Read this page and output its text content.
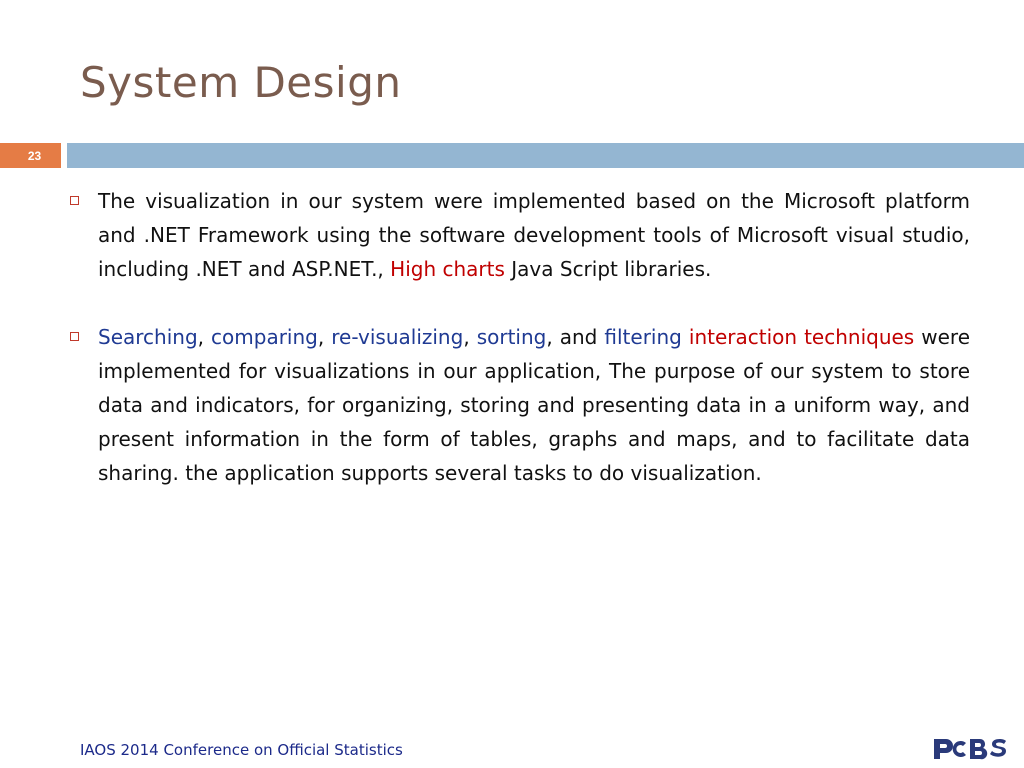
System Design
23

The visualization in our system were implemented based on the Microsoft platform and .NET Framework using the software development tools of Microsoft visual studio, including .NET and ASP.NET., High charts Java Script libraries.

Searching, comparing, re-visualizing, sorting, and filtering interaction techniques were implemented for visualizations in our application, The purpose of our system to store data and indicators, for organizing, storing and presenting data in a uniform way, and present information in the form of tables, graphs and maps, and to facilitate data sharing. the application supports several tasks to do visualization.

IAOS 2014 Conference on Official Statistics
